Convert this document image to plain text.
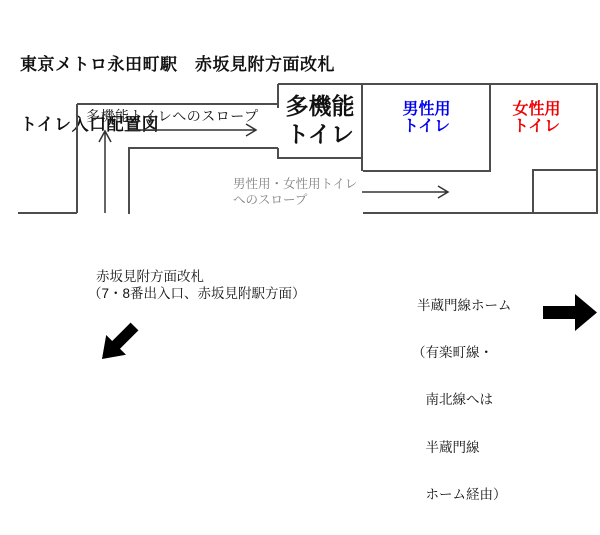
東京メトロ永田町駅　赤坂見附方面改札

トイレ入口配置図

多機能トイレへのスロープ	多機能
トイレ
男性用
トイレ
女性用
トイレ
男性用・女性用トイレ
へのスロープ
赤坂見附方面改札
（7・8番出入口、赤坂見附駅方面）

半蔵門線ホーム

（有楽町線・

　南北線へは

　半蔵門線

　ホーム経由）
